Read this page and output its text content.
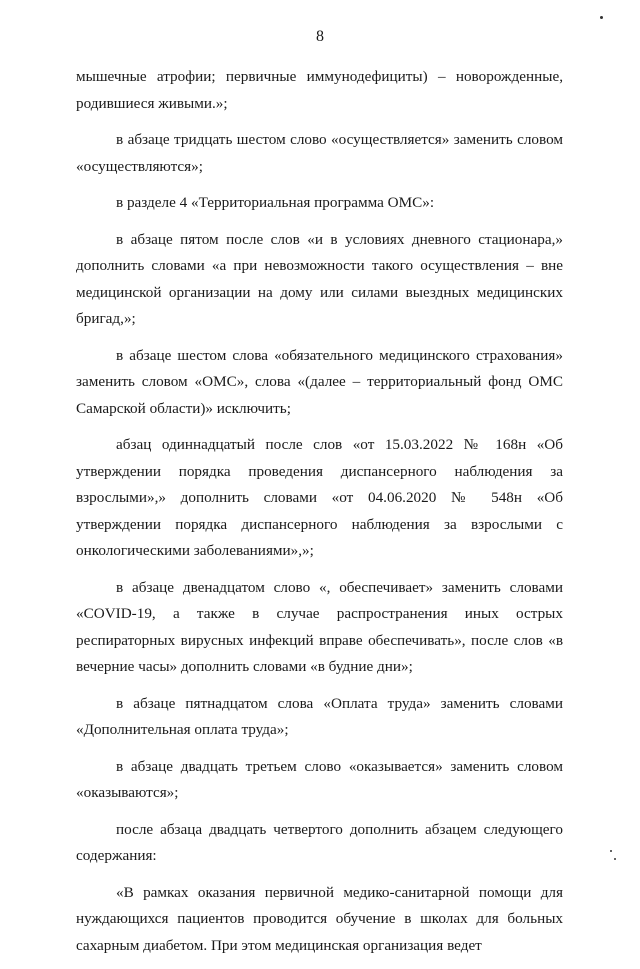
8

мышечные атрофии; первичные иммунодефициты) – новорожденные, родившиеся живыми.»;

в абзаце тридцать шестом слово «осуществляется» заменить словом «осуществляются»;

в разделе 4 «Территориальная программа ОМС»:

в абзаце пятом после слов «и в условиях дневного стационара,» дополнить словами «а при невозможности такого осуществления – вне медицинской организации на дому или силами выездных медицинских бригад,»;

в абзаце шестом слова «обязательного медицинского страхования» заменить словом «ОМС», слова «(далее – территориальный фонд ОМС Самарской области)» исключить;

абзац одиннадцатый после слов «от 15.03.2022 № 168н «Об утверждении порядка проведения диспансерного наблюдения за взрослыми»,» дополнить словами «от 04.06.2020 № 548н «Об утверждении порядка диспансерного наблюдения за взрослыми с онкологическими заболеваниями»,»;

в абзаце двенадцатом слово «, обеспечивает» заменить словами «COVID-19, а также в случае распространения иных острых респираторных вирусных инфекций вправе обеспечивать», после слов «в вечерние часы» дополнить словами «в будние дни»;

в абзаце пятнадцатом слова «Оплата труда» заменить словами «Дополнительная оплата труда»;

в абзаце двадцать третьем слово «оказывается» заменить словом «оказываются»;

после абзаца двадцать четвертого дополнить абзацем следующего содержания:

«В рамках оказания первичной медико-санитарной помощи для нуждающихся пациентов проводится обучение в школах для больных сахарным диабетом. При этом медицинская организация ведет
